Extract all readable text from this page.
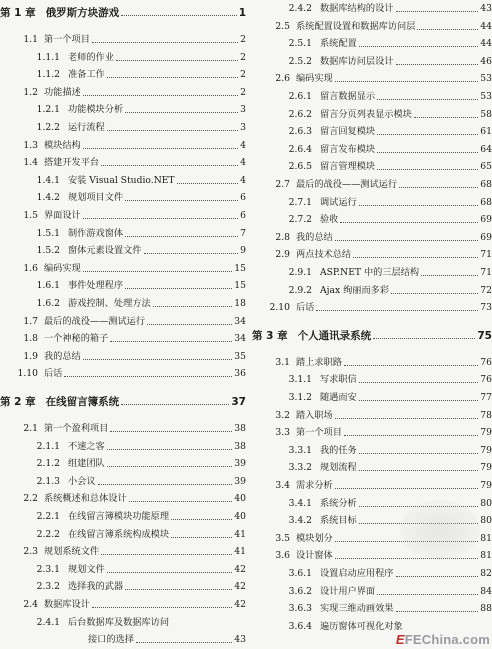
第 1 章 俄罗斯方块游戏	1
1.1 第一个项目	2
1.1.1 老师的作业	2
1.1.2 准备工作	2
1.2 功能描述	2
1.2.1 功能模块分析	3
1.2.2 运行流程	3
1.3 模块结构	4
1.4 搭建开发平台	4
1.4.1 安装 Visual Studio.NET	4
1.4.2 规划项目文件	6
1.5 界面设计	6
1.5.1 制作游戏窗体	7
1.5.2 窗体元素设置文件	9
1.6 编码实现	15
1.6.1 事件处理程序	15
1.6.2 游戏控制、处理方法	18
1.7 最后的战役——测试运行	34
1.8 一个神秘的箱子	34
1.9 我的总结	35
1.10 后话	36
第 2 章 在线留言簿系统	37
2.1 第一个盈利项目	38
2.1.1 不速之客	38
2.1.2 组建团队	39
2.1.3 小会议	39
2.2 系统概述和总体设计	40
2.2.1 在线留言簿模块功能原理	40
2.2.2 在线留言簿系统构成模块	41
2.3 规划系统文件	41
2.3.1 规划文件	42
2.3.2 选择我的武器	42
2.4 数据库设计	42
2.4.1 后台数据库及数据库访问
接口的选择	43
2.4.2 数据库结构的设计	43
2.5 系统配置设置和数据库访问层	44
2.5.1 系统配置	44
2.5.2 数据库访问层设计	46
2.6 编码实现	53
2.6.1 留言数据显示	53
2.6.2 留言分页列表显示模块	58
2.6.3 留言回复模块	61
2.6.4 留言发布模块	64
2.6.5 留言管理模块	65
2.7 最后的战役——测试运行	68
2.7.1 调试运行	68
2.7.2 验收	69
2.8 我的总结	69
2.9 两点技术总结	71
2.9.1 ASP.NET 中的三层结构	71
2.9.2 Ajax 绚丽而多彩	72
2.10 后话	73
第 3 章 个人通讯录系统	75
3.1 踏上求职路	76
3.1.1 写求职信	76
3.1.2 随遇而安	77
3.2 踏入职场	78
3.3 第一个项目	79
3.3.1 我的任务	79
3.3.2 规划流程	79
3.4 需求分析	79
3.4.1 系统分析	80
3.4.2 系统目标	80
3.5 模块划分	81
3.6 设计窗体	81
3.6.1 设置启动应用程序	82
3.6.2 设计用户界面	84
3.6.3 实现三维动画效果	88
3.6.4 遍历窗体可视化对象
EFEChina.com
